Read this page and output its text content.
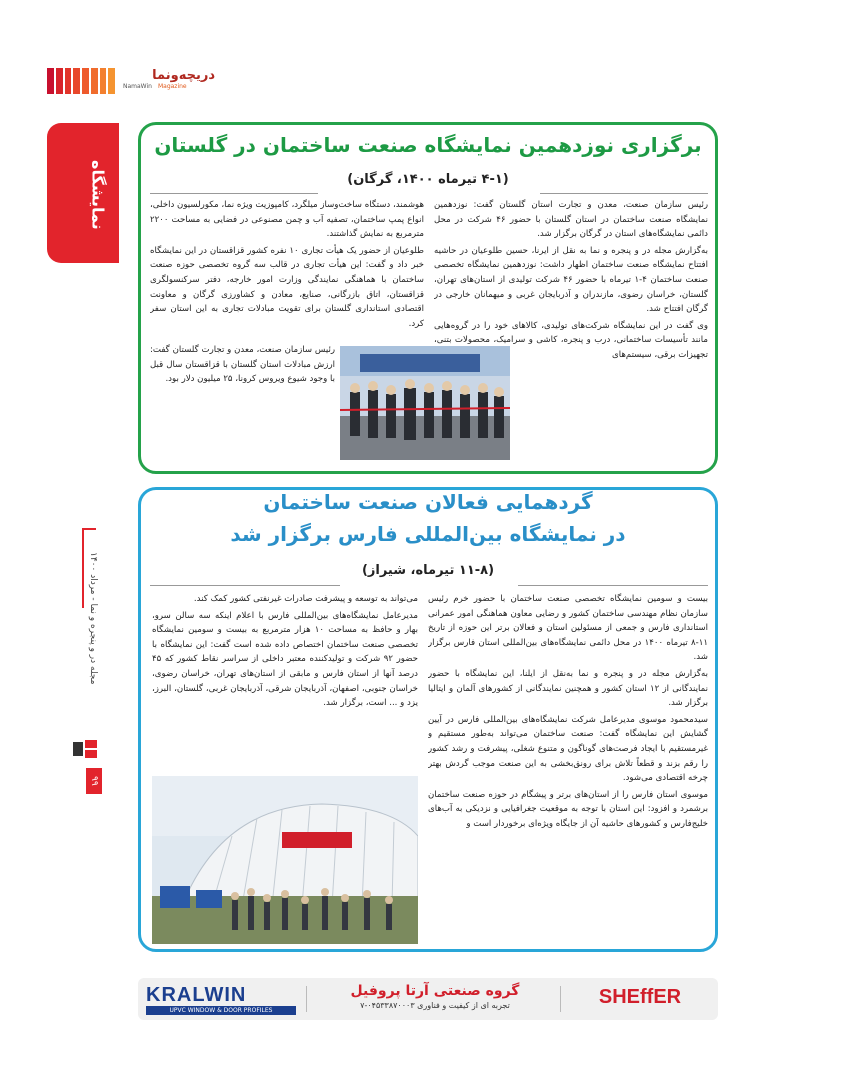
دریچه‌ونما
NamaWin Magazine
نمایشگاه
مجله در و پنجره و نما - مرداد ۱۴۰۰
۹۹
برگزاری نوزدهمین نمایشگاه صنعت ساختمان در گلستان
(۴-۱ تیرماه ۱۴۰۰، گرگان)

رئیس سازمان صنعت، معدن و تجارت استان گلستان گفت: نوزدهمین نمایشگاه صنعت ساختمان در استان گلستان با حضور ۴۶ شرکت در محل دائمی نمایشگاه‌های استان در گرگان برگزار شد.

به‌گزارش مجله در و پنجره و نما به نقل از ایرنا، حسین طلوعیان در حاشیه افتتاح نمایشگاه صنعت ساختمان اظهار داشت: نوزدهمین نمایشگاه تخصصی صنعت ساختمان ۴-۱ تیرماه با حضور ۴۶ شرکت تولیدی از استان‌های تهران، گلستان، خراسان رضوی، مازندران و آذربایجان غربی و میهمانان خارجی در گرگان افتتاح شد.

وی گفت در این نمایشگاه شرکت‌های تولیدی، کالاهای خود را در گروه‌هایی مانند تأسیسات ساختمانی، درب و پنجره، کاشی و سرامیک، محصولات بتنی، تجهیزات برقی، سیستم‌های

هوشمند، دستگاه ساخت‌وساز میلگرد، کامپوزیت ویژه نما، مکورلسیون داخلی، انواع پمپ ساختمان، تصفیه آب و چمن مصنوعی در فضایی به مساحت ۲۲۰۰ مترمربع به نمایش گذاشتند.

طلوعیان از حضور یک هیأت تجاری ۱۰ نفره کشور قزاقستان در این نمایشگاه خبر داد و گفت: این هیأت تجاری در قالب سه گروه تخصصی حوزه صنعت ساختمان با هماهنگی نمایندگی وزارت امور خارجه، دفتر سرکنسولگری قزاقستان، اتاق بازرگانی، صنایع، معادن و کشاورزی گرگان و معاونت اقتصادی استانداری گلستان برای تقویت مبادلات تجاری به این استان سفر کرد.

رئیس سازمان صنعت، معدن و تجارت گلستان گفت: ارزش مبادلات استان گلستان با قزاقستان سال قبل با وجود شیوع ویروس کرونا، ۲۵ میلیون دلار بود.

گردهمایی فعالان صنعت ساختمان
در نمایشگاه بین‌المللی فارس برگزار شد
(۱۱-۸ تیرماه، شیراز)

بیست و سومین نمایشگاه تخصصی صنعت ساختمان با حضور خرم رئیس سازمان نظام مهندسی ساختمان کشور و رضایی معاون هماهنگی امور عمرانی استانداری فارس و جمعی از مسئولین استان و فعالان برتر این حوزه از تاریخ ۱۱-۸ تیرماه ۱۴۰۰ در محل دائمی نمایشگاه‌های بین‌المللی استان فارس برگزار شد.

به‌گزارش مجله در و پنجره و نما به‌نقل از ایلنا، این نمایشگاه با حضور نمایندگانی از ۱۲ استان کشور و همچنین نمایندگانی از کشورهای آلمان و ایتالیا برگزار شد.

سیدمحمود موسوی مدیرعامل شرکت نمایشگاه‌های بین‌المللی فارس در آیین گشایش این نمایشگاه گفت: صنعت ساختمان می‌تواند به‌طور مستقیم و غیرمستقیم با ایجاد فرصت‌های گوناگون و متنوع شغلی، پیشرفت و رشد کشور را رقم بزند و قطعاً تلاش برای رونق‌بخشی به این صنعت موجب گردش بهتر چرخه اقتصادی می‌شود.

موسوی استان فارس را از استان‌های برتر و پیشگام در حوزه صنعت ساختمان برشمرد و افزود: این استان با توجه به موقعیت جغرافیایی و نزدیکی به آب‌های خلیج‌فارس و کشورهای حاشیه آن از جایگاه ویژه‌ای برخوردار است و

می‌تواند به توسعه و پیشرفت صادرات غیرنفتی کشور کمک کند.

مدیرعامل نمایشگاه‌های بین‌المللی فارس با اعلام اینکه سه سالن سرو، بهار و حافظ به مساحت ۱۰ هزار مترمربع به بیست و سومین نمایشگاه تخصصی صنعت ساختمان اختصاص داده شده است گفت: این نمایشگاه با حضور ۹۲ شرکت و تولیدکننده معتبر داخلی از سراسر نقاط کشور که ۴۵ درصد آنها از استان فارس و مابقی از استان‌های تهران، خراسان رضوی، خراسان جنوبی، اصفهان، آذربایجان شرقی، آذربایجان غربی، گلستان، البرز، یزد و ... است، برگزار شد.

KRALWIN
UPVC WINDOW & DOOR PROFILES
گروه صنعتی آرتا پروفیل
تجربه ای از کیفیت و فناوری ۰۴۵۳۳۸۷۰۰۰۳-۷	SHEffER
